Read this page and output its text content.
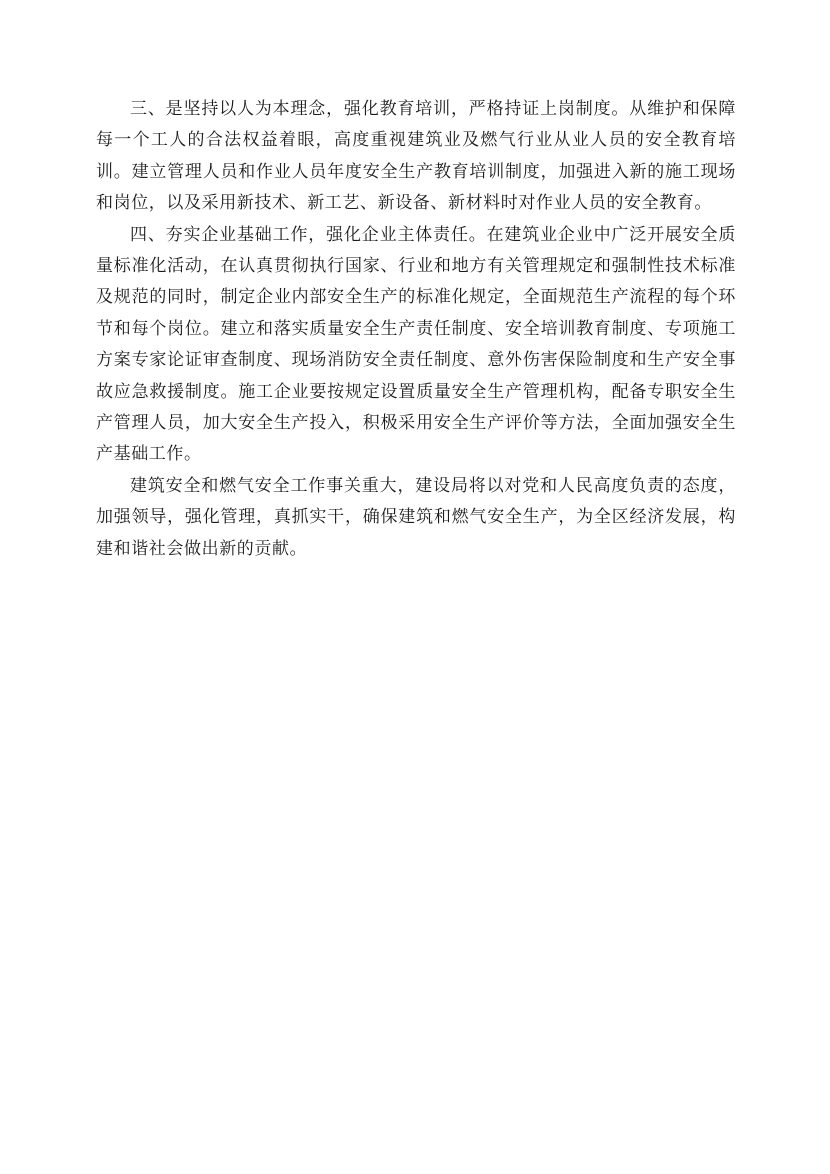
三、是坚持以人为本理念，强化教育培训，严格持证上岗制度。从维护和保障每一个工人的合法权益着眼，高度重视建筑业及燃气行业从业人员的安全教育培训。建立管理人员和作业人员年度安全生产教育培训制度，加强进入新的施工现场和岗位，以及采用新技术、新工艺、新设备、新材料时对作业人员的安全教育。

四、夯实企业基础工作，强化企业主体责任。在建筑业企业中广泛开展安全质量标准化活动，在认真贯彻执行国家、行业和地方有关管理规定和强制性技术标准及规范的同时，制定企业内部安全生产的标准化规定，全面规范生产流程的每个环节和每个岗位。建立和落实质量安全生产责任制度、安全培训教育制度、专项施工方案专家论证审查制度、现场消防安全责任制度、意外伤害保险制度和生产安全事故应急救援制度。施工企业要按规定设置质量安全生产管理机构，配备专职安全生产管理人员，加大安全生产投入，积极采用安全生产评价等方法，全面加强安全生产基础工作。

建筑安全和燃气安全工作事关重大，建设局将以对党和人民高度负责的态度，加强领导，强化管理，真抓实干，确保建筑和燃气安全生产，为全区经济发展，构建和谐社会做出新的贡献。
